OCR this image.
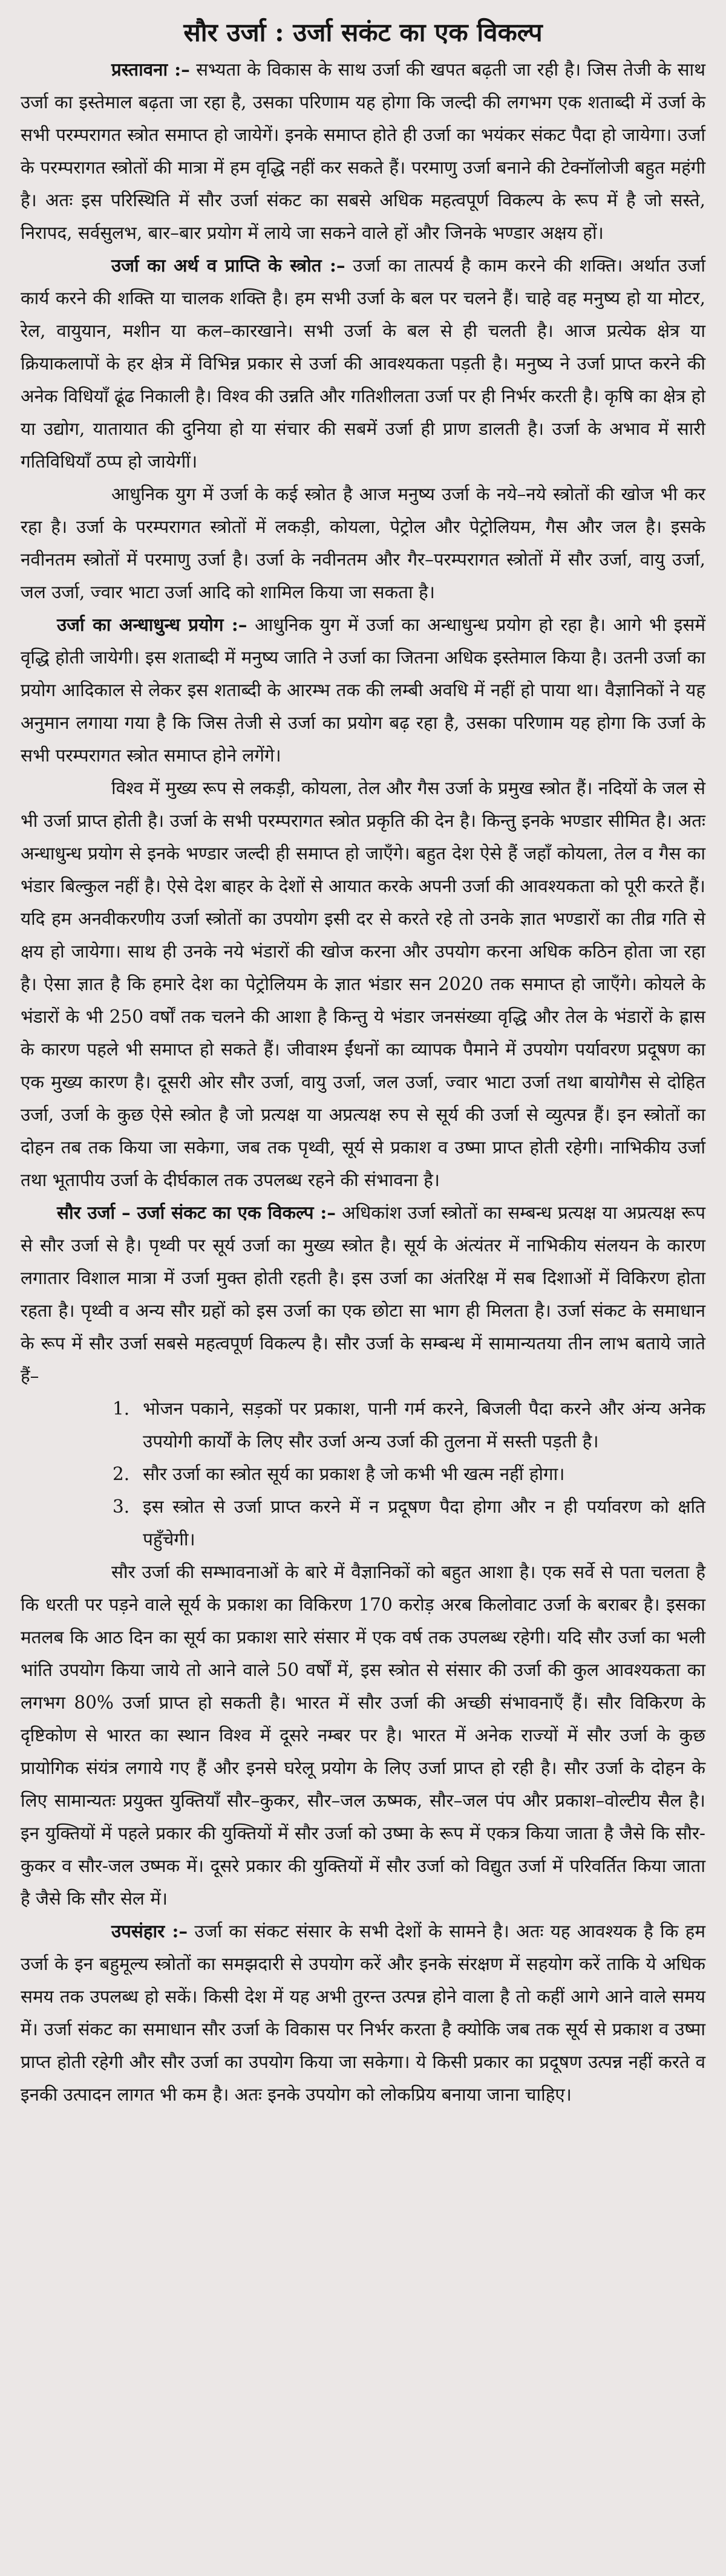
सौर उर्जा : उर्जा सकंट का एक विकल्प

प्रस्तावना :– सभ्यता के विकास के साथ उर्जा की खपत बढ़ती जा रही है। जिस तेजी के साथ उर्जा का इस्तेमाल बढ़ता जा रहा है, उसका परिणाम यह होगा कि जल्दी की लगभग एक शताब्दी में उर्जा के सभी परम्परागत स्त्रोत समाप्त हो जायेगें। इनके समाप्त होते ही उर्जा का भयंकर संकट पैदा हो जायेगा। उर्जा के परम्परागत स्त्रोतों की मात्रा में हम वृद्धि नहीं कर सकते हैं। परमाणु उर्जा बनाने की टेक्नॉलोजी बहुत महंगी है। अतः इस परिस्थिति में सौर उर्जा संकट का सबसे अधिक महत्वपूर्ण विकल्प के रूप में है जो सस्ते, निरापद, सर्वसुलभ, बार–बार प्रयोग में लाये जा सकने वाले हों और जिनके भण्डार अक्षय हों।

उर्जा का अर्थ व प्राप्ति के स्त्रोत :– उर्जा का तात्पर्य है काम करने की शक्ति। अर्थात उर्जा कार्य करने की शक्ति या चालक शक्ति है। हम सभी उर्जा के बल पर चलने हैं। चाहे वह मनुष्य हो या मोटर, रेल, वायुयान, मशीन या कल–कारखाने। सभी उर्जा के बल से ही चलती है। आज प्रत्येक क्षेत्र या क्रियाकलापों के हर क्षेत्र में विभिन्न प्रकार से उर्जा की आवश्यकता पड़ती है। मनुष्य ने उर्जा प्राप्त करने की अनेक विधियाँ ढूंढ निकाली है। विश्व की उन्नति और गतिशीलता उर्जा पर ही निर्भर करती है। कृषि का क्षेत्र हो या उद्योग, यातायात की दुनिया हो या संचार की सबमें उर्जा ही प्राण डालती है। उर्जा के अभाव में सारी गतिविधियाँ ठप्प हो जायेगीं।

आधुनिक युग में उर्जा के कई स्त्रोत है आज मनुष्य उर्जा के नये–नये स्त्रोतों की खोज भी कर रहा है। उर्जा के परम्परागत स्त्रोतों में लकड़ी, कोयला, पेट्रोल और पेट्रोलियम, गैस और जल है। इसके नवीनतम स्त्रोतों में परमाणु उर्जा है। उर्जा के नवीनतम और गैर–परम्परागत स्त्रोतों में सौर उर्जा, वायु उर्जा, जल उर्जा, ज्वार भाटा उर्जा आदि को शामिल किया जा सकता है।

उर्जा का अन्धाधुन्ध प्रयोग :– आधुनिक युग में उर्जा का अन्धाधुन्ध प्रयोग हो रहा है। आगे भी इसमें वृद्धि होती जायेगी। इस शताब्दी में मनुष्य जाति ने उर्जा का जितना अधिक इस्तेमाल किया है। उतनी उर्जा का प्रयोग आदिकाल से लेकर इस शताब्दी के आरम्भ तक की लम्बी अवधि में नहीं हो पाया था। वैज्ञानिकों ने यह अनुमान लगाया गया है कि जिस तेजी से उर्जा का प्रयोग बढ़ रहा है, उसका परिणाम यह होगा कि उर्जा के सभी परम्परागत स्त्रोत समाप्त होने लगेंगे।

विश्व में मुख्य रूप से लकड़ी, कोयला, तेल और गैस उर्जा के प्रमुख स्त्रोत हैं। नदियों के जल से भी उर्जा प्राप्त होती है। उर्जा के सभी परम्परागत स्त्रोत प्रकृति की देन है। किन्तु इनके भण्डार सीमित है। अतः अन्धाधुन्ध प्रयोग से इनके भण्डार जल्दी ही समाप्त हो जाएँगे। बहुत देश ऐसे हैं जहाँ कोयला, तेल व गैस का भंडार बिल्कुल नहीं है। ऐसे देश बाहर के देशों से आयात करके अपनी उर्जा की आवश्यकता को पूरी करते हैं। यदि हम अनवीकरणीय उर्जा स्त्रोतों का उपयोग इसी दर से करते रहे तो उनके ज्ञात भण्डारों का तीव्र गति से क्षय हो जायेगा। साथ ही उनके नये भंडारों की खोज करना और उपयोग करना अधिक कठिन होता जा रहा है। ऐसा ज्ञात है कि हमारे देश का पेट्रोलियम के ज्ञात भंडार सन 2020 तक समाप्त हो जाएँगे। कोयले के भंडारों के भी 250 वर्षों तक चलने की आशा है किन्तु ये भंडार जनसंख्या वृद्धि और तेल के भंडारों के ह्रास के कारण पहले भी समाप्त हो सकते हैं। जीवाश्म ईंधनों का व्यापक पैमाने में उपयोग पर्यावरण प्रदूषण का एक मुख्य कारण है। दूसरी ओर सौर उर्जा, वायु उर्जा, जल उर्जा, ज्वार भाटा उर्जा तथा बायोगैस से दोहित उर्जा, उर्जा के कुछ ऐसे स्त्रोत है जो प्रत्यक्ष या अप्रत्यक्ष रुप से सूर्य की उर्जा से व्युत्पन्न हैं। इन स्त्रोतों का दोहन तब तक किया जा सकेगा, जब तक पृथ्वी, सूर्य से प्रकाश व उष्मा प्राप्त होती रहेगी। नाभिकीय उर्जा तथा भूतापीय उर्जा के दीर्घकाल तक उपलब्ध रहने की संभावना है।

सौर उर्जा – उर्जा संकट का एक विकल्प :– अधिकांश उर्जा स्त्रोतों का सम्बन्ध प्रत्यक्ष या अप्रत्यक्ष रूप से सौर उर्जा से है। पृथ्वी पर सूर्य उर्जा का मुख्य स्त्रोत है। सूर्य के अंत्यंतर में नाभिकीय संलयन के कारण लगातार विशाल मात्रा में उर्जा मुक्त होती रहती है। इस उर्जा का अंतरिक्ष में सब दिशाओं में विकिरण होता रहता है। पृथ्वी व अन्य सौर ग्रहों को इस उर्जा का एक छोटा सा भाग ही मिलता है। उर्जा संकट के समाधान के रूप में सौर उर्जा सबसे महत्वपूर्ण विकल्प है। सौर उर्जा के सम्बन्ध में सामान्यतया तीन लाभ बताये जाते हैं–

1. भोजन पकाने, सड़कों पर प्रकाश, पानी गर्म करने, बिजली पैदा करने और अंन्य अनेक उपयोगी कार्यों के लिए सौर उर्जा अन्य उर्जा की तुलना में सस्ती पड़ती है।
2. सौर उर्जा का स्त्रोत सूर्य का प्रकाश है जो कभी भी खत्म नहीं होगा।
3. इस स्त्रोत से उर्जा प्राप्त करने में न प्रदूषण पैदा होगा और न ही पर्यावरण को क्षति पहुँचेगी।

सौर उर्जा की सम्भावनाओं के बारे में वैज्ञानिकों को बहुत आशा है। एक सर्वे से पता चलता है कि धरती पर पड़ने वाले सूर्य के प्रकाश का विकिरण 170 करोड़ अरब किलोवाट उर्जा के बराबर है। इसका मतलब कि आठ दिन का सूर्य का प्रकाश सारे संसार में एक वर्ष तक उपलब्ध रहेगी। यदि सौर उर्जा का भली भांति उपयोग किया जाये तो आने वाले 50 वर्षों में, इस स्त्रोत से संसार की उर्जा की कुल आवश्यकता का लगभग 80% उर्जा प्राप्त हो सकती है। भारत में सौर उर्जा की अच्छी संभावनाएँ हैं। सौर विकिरण के दृष्टिकोण से भारत का स्थान विश्व में दूसरे नम्बर पर है। भारत में अनेक राज्यों में सौर उर्जा के कुछ प्रायोगिक संयंत्र लगाये गए हैं और इनसे घरेलू प्रयोग के लिए उर्जा प्राप्त हो रही है। सौर उर्जा के दोहन के लिए सामान्यतः प्रयुक्त युक्तियाँ सौर–कुकर, सौर–जल ऊष्मक, सौर–जल पंप और प्रकाश–वोल्टीय सैल है। इन युक्तियों में पहले प्रकार की युक्तियों में सौर उर्जा को उष्मा के रूप में एकत्र किया जाता है जैसे कि सौर-कुकर व सौर-जल उष्मक में। दूसरे प्रकार की युक्तियों में सौर उर्जा को विद्युत उर्जा में परिवर्तित किया जाता है जैसे कि सौर सेल में।

उपसंहार :– उर्जा का संकट संसार के सभी देशों के सामने है। अतः यह आवश्यक है कि हम उर्जा के इन बहुमूल्य स्त्रोतों का समझदारी से उपयोग करें और इनके संरक्षण में सहयोग करें ताकि ये अधिक समय तक उपलब्ध हो सकें। किसी देश में यह अभी तुरन्त उत्पन्न होने वाला है तो कहीं आगे आने वाले समय में। उर्जा संकट का समाधान सौर उर्जा के विकास पर निर्भर करता है क्योकि जब तक सूर्य से प्रकाश व उष्मा प्राप्त होती रहेगी और सौर उर्जा का उपयोग किया जा सकेगा। ये किसी प्रकार का प्रदूषण उत्पन्न नहीं करते व इनकी उत्पादन लागत भी कम है। अतः इनके उपयोग को लोकप्रिय बनाया जाना चाहिए।
